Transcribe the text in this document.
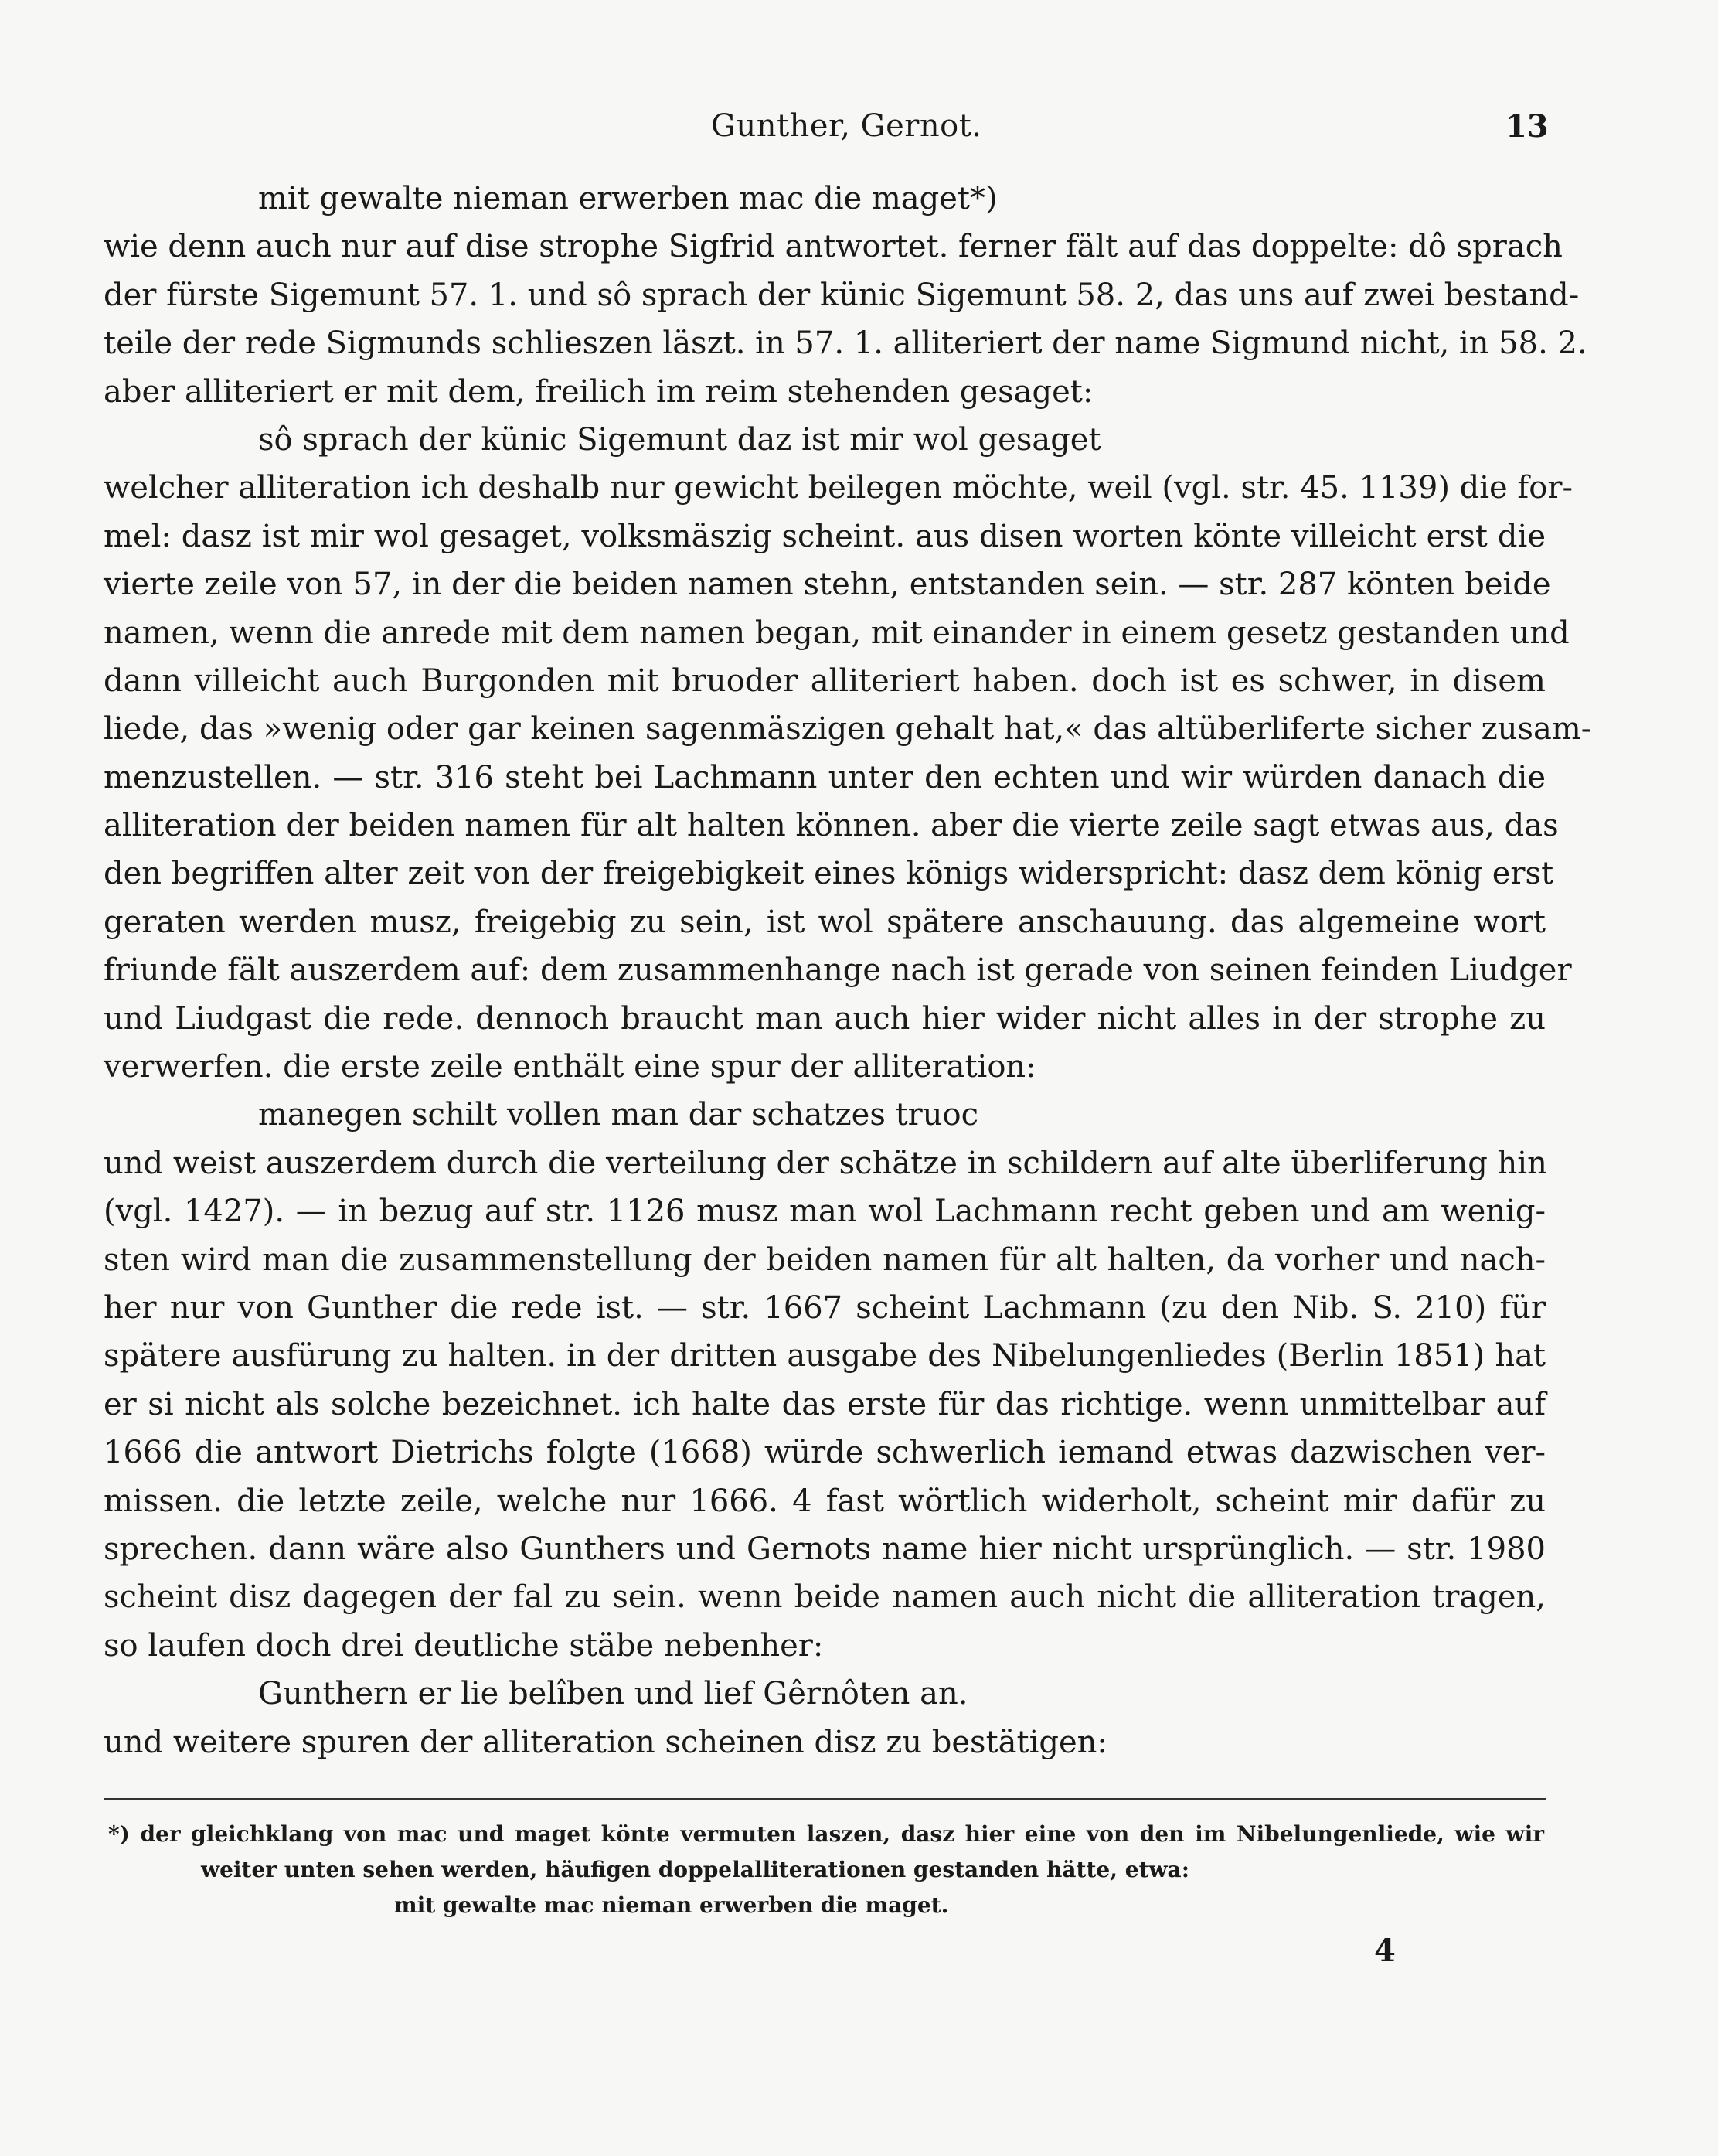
Gunther, Gernot.	13
mit gewalte nieman erwerben mac die maget*)
wie denn auch nur auf dise strophe Sigfrid antwortet. ferner fält auf das doppelte: dô sprach
der fürste Sigemunt 57. 1. und sô sprach der künic Sigemunt 58. 2, das uns auf zwei bestand-
teile der rede Sigmunds schlieszen läszt. in 57. 1. alliteriert der name Sigmund nicht, in 58. 2.
aber alliteriert er mit dem, freilich im reim stehenden gesaget:
sô sprach der künic Sigemunt daz ist mir wol gesaget
welcher alliteration ich deshalb nur gewicht beilegen möchte, weil (vgl. str. 45. 1139) die for-
mel: dasz ist mir wol gesaget, volksmäszig scheint. aus disen worten könte villeicht erst die
vierte zeile von 57, in der die beiden namen stehn, entstanden sein. — str. 287 könten beide
namen, wenn die anrede mit dem namen began, mit einander in einem gesetz gestanden und
dann villeicht auch Burgonden mit bruoder alliteriert haben. doch ist es schwer, in disem
liede, das »wenig oder gar keinen sagenmäszigen gehalt hat,« das altüberliferte sicher zusam-
menzustellen. — str. 316 steht bei Lachmann unter den echten und wir würden danach die
alliteration der beiden namen für alt halten können. aber die vierte zeile sagt etwas aus, das
den begriffen alter zeit von der freigebigkeit eines königs widerspricht: dasz dem könig erst
geraten werden musz, freigebig zu sein, ist wol spätere anschauung. das algemeine wort
friunde fält auszerdem auf: dem zusammenhange nach ist gerade von seinen feinden Liudger
und Liudgast die rede. dennoch braucht man auch hier wider nicht alles in der strophe zu
verwerfen. die erste zeile enthält eine spur der alliteration:
manegen schilt vollen man dar schatzes truoc
und weist auszerdem durch die verteilung der schätze in schildern auf alte überliferung hin
(vgl. 1427). — in bezug auf str. 1126 musz man wol Lachmann recht geben und am wenig-
sten wird man die zusammenstellung der beiden namen für alt halten, da vorher und nach-
her nur von Gunther die rede ist. — str. 1667 scheint Lachmann (zu den Nib. S. 210) für
spätere ausfürung zu halten. in der dritten ausgabe des Nibelungenliedes (Berlin 1851) hat
er si nicht als solche bezeichnet. ich halte das erste für das richtige. wenn unmittelbar auf
1666 die antwort Dietrichs folgte (1668) würde schwerlich iemand etwas dazwischen ver-
missen. die letzte zeile, welche nur 1666. 4 fast wörtlich widerholt, scheint mir dafür zu
sprechen. dann wäre also Gunthers und Gernots name hier nicht ursprünglich. — str. 1980
scheint disz dagegen der fal zu sein. wenn beide namen auch nicht die alliteration tragen,
so laufen doch drei deutliche stäbe nebenher:
Gunthern er lie belîben und lief Gêrnôten an.
und weitere spuren der alliteration scheinen disz zu bestätigen:
*) der gleichklang von mac und maget könte vermuten laszen, dasz hier eine von den im Nibelungenliede, wie wir
weiter unten sehen werden, häufigen doppelalliterationen gestanden hätte, etwa:
mit gewalte mac nieman erwerben die maget.
4
